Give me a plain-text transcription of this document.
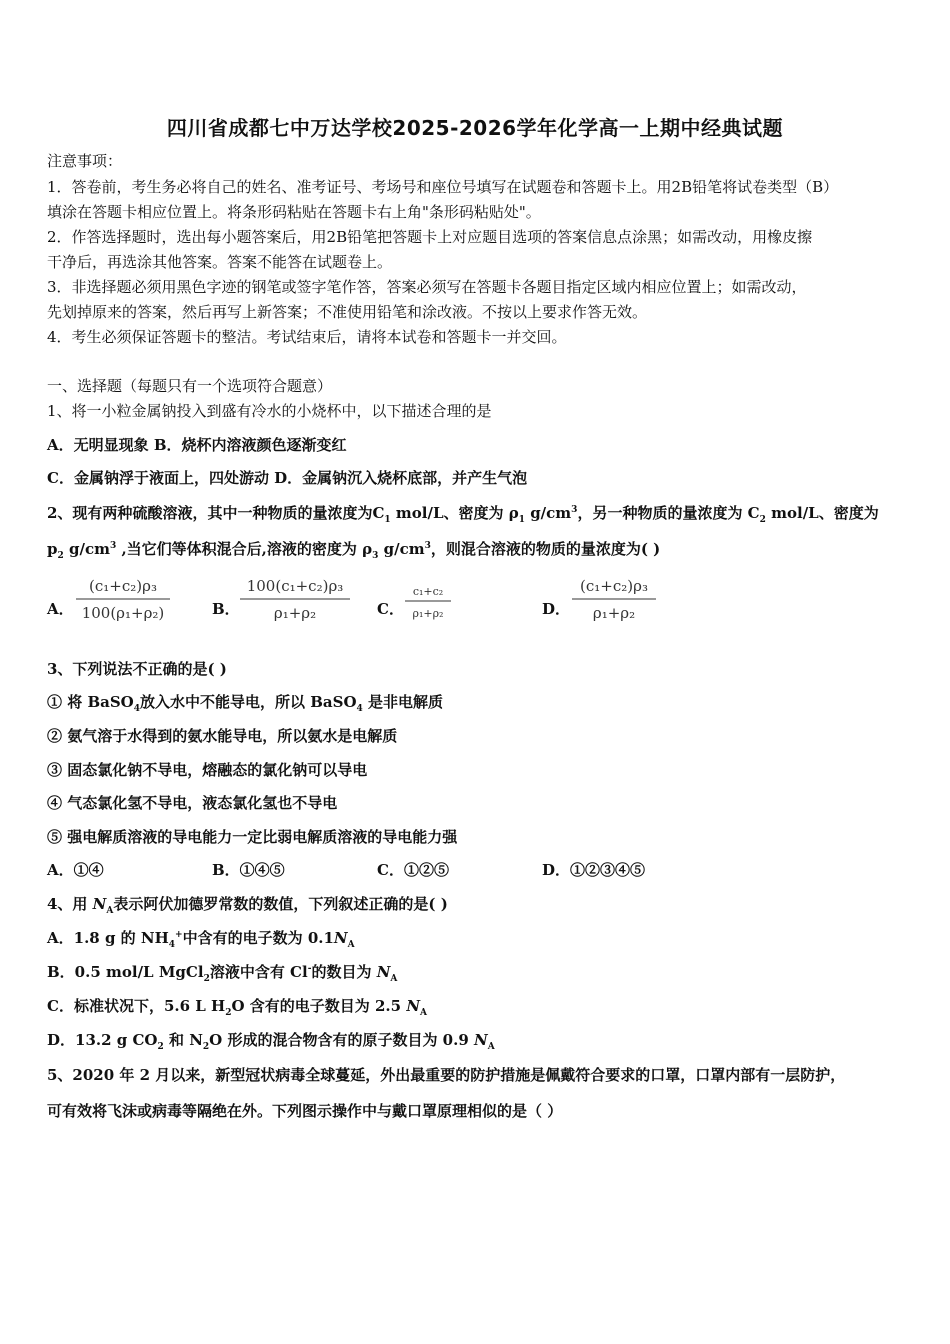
四川省成都七中万达学校2025-2026学年化学高一上期中经典试题
注意事项：
1．答卷前，考生务必将自己的姓名、准考证号、考场号和座位号填写在试题卷和答题卡上。用2B铅笔将试卷类型（B）
填涂在答题卡相应位置上。将条形码粘贴在答题卡右上角"条形码粘贴处"。
2．作答选择题时，选出每小题答案后，用2B铅笔把答题卡上对应题目选项的答案信息点涂黑；如需改动，用橡皮擦
干净后，再选涂其他答案。答案不能答在试题卷上。
3．非选择题必须用黑色字迹的钢笔或签字笔作答，答案必须写在答题卡各题目指定区域内相应位置上；如需改动，
先划掉原来的答案，然后再写上新答案；不准使用铅笔和涂改液。不按以上要求作答无效。
4．考生必须保证答题卡的整洁。考试结束后，请将本试卷和答题卡一并交回。
一、选择题（每题只有一个选项符合题意）
1、将一小粒金属钠投入到盛有冷水的小烧杯中，以下描述合理的是
A．无明显现象 B．烧杯内溶液颜色逐渐变红
C．金属钠浮于液面上，四处游动 D．金属钠沉入烧杯底部，并产生气泡
2、现有两种硫酸溶液，其中一种物质的量浓度为$C_1$ mol/L、密度为 $\rho_1$ $g/cm^3$，另一种物质的量浓度为 $C_2$ mol/L、密度为
$p_2$ $g/cm^3$ ,当它们等体积混合后,溶液的密度为 $\rho_3$ $g/cm^3$，则混合溶液的物质的量浓度为( )
A．
(c₁+c₂)ρ₃
100(ρ₁+ρ₂)	B．
100(c₁+c₂)ρ₃
ρ₁+ρ₂	C．
c₁+c₂
ρ₁+ρ₂	D．
(c₁+c₂)ρ₃
ρ₁+ρ₂
3、下列说法不正确的是( )
① 将 BaSO$_4$放入水中不能导电，所以 BaSO$_4$ 是非电解质
② 氨气溶于水得到的氨水能导电，所以氨水是电解质
③ 固态氯化钠不导电，熔融态的氯化钠可以导电
④ 气态氯化氢不导电，液态氯化氢也不导电
⑤ 强电解质溶液的导电能力一定比弱电解质溶液的导电能力强
A．①④	B．①④⑤	C．①②⑤	D．①②③④⑤
4、用 $N_A$表示阿伏加德罗常数的数值，下列叙述正确的是( )
A．1.8 g 的 $NH_4^+$中含有的电子数为 $0.1N_A$
B．0.5 mol/L MgCl$_2$溶液中含有 Cl-的数目为 $N_A$
C．标准状况下，5.6 L $H_2O$ 含有的电子数目为 2.5 $N_A$
D．13.2 g $CO_2$ 和 $N_2O$ 形成的混合物含有的原子数目为 0.9 $N_A$
5、2020 年 2 月以来，新型冠状病毒全球蔓延，外出最重要的防护措施是佩戴符合要求的口罩，口罩内部有一层防护，
可有效将飞沫或病毒等隔绝在外。下列图示操作中与戴口罩原理相似的是（ ）
